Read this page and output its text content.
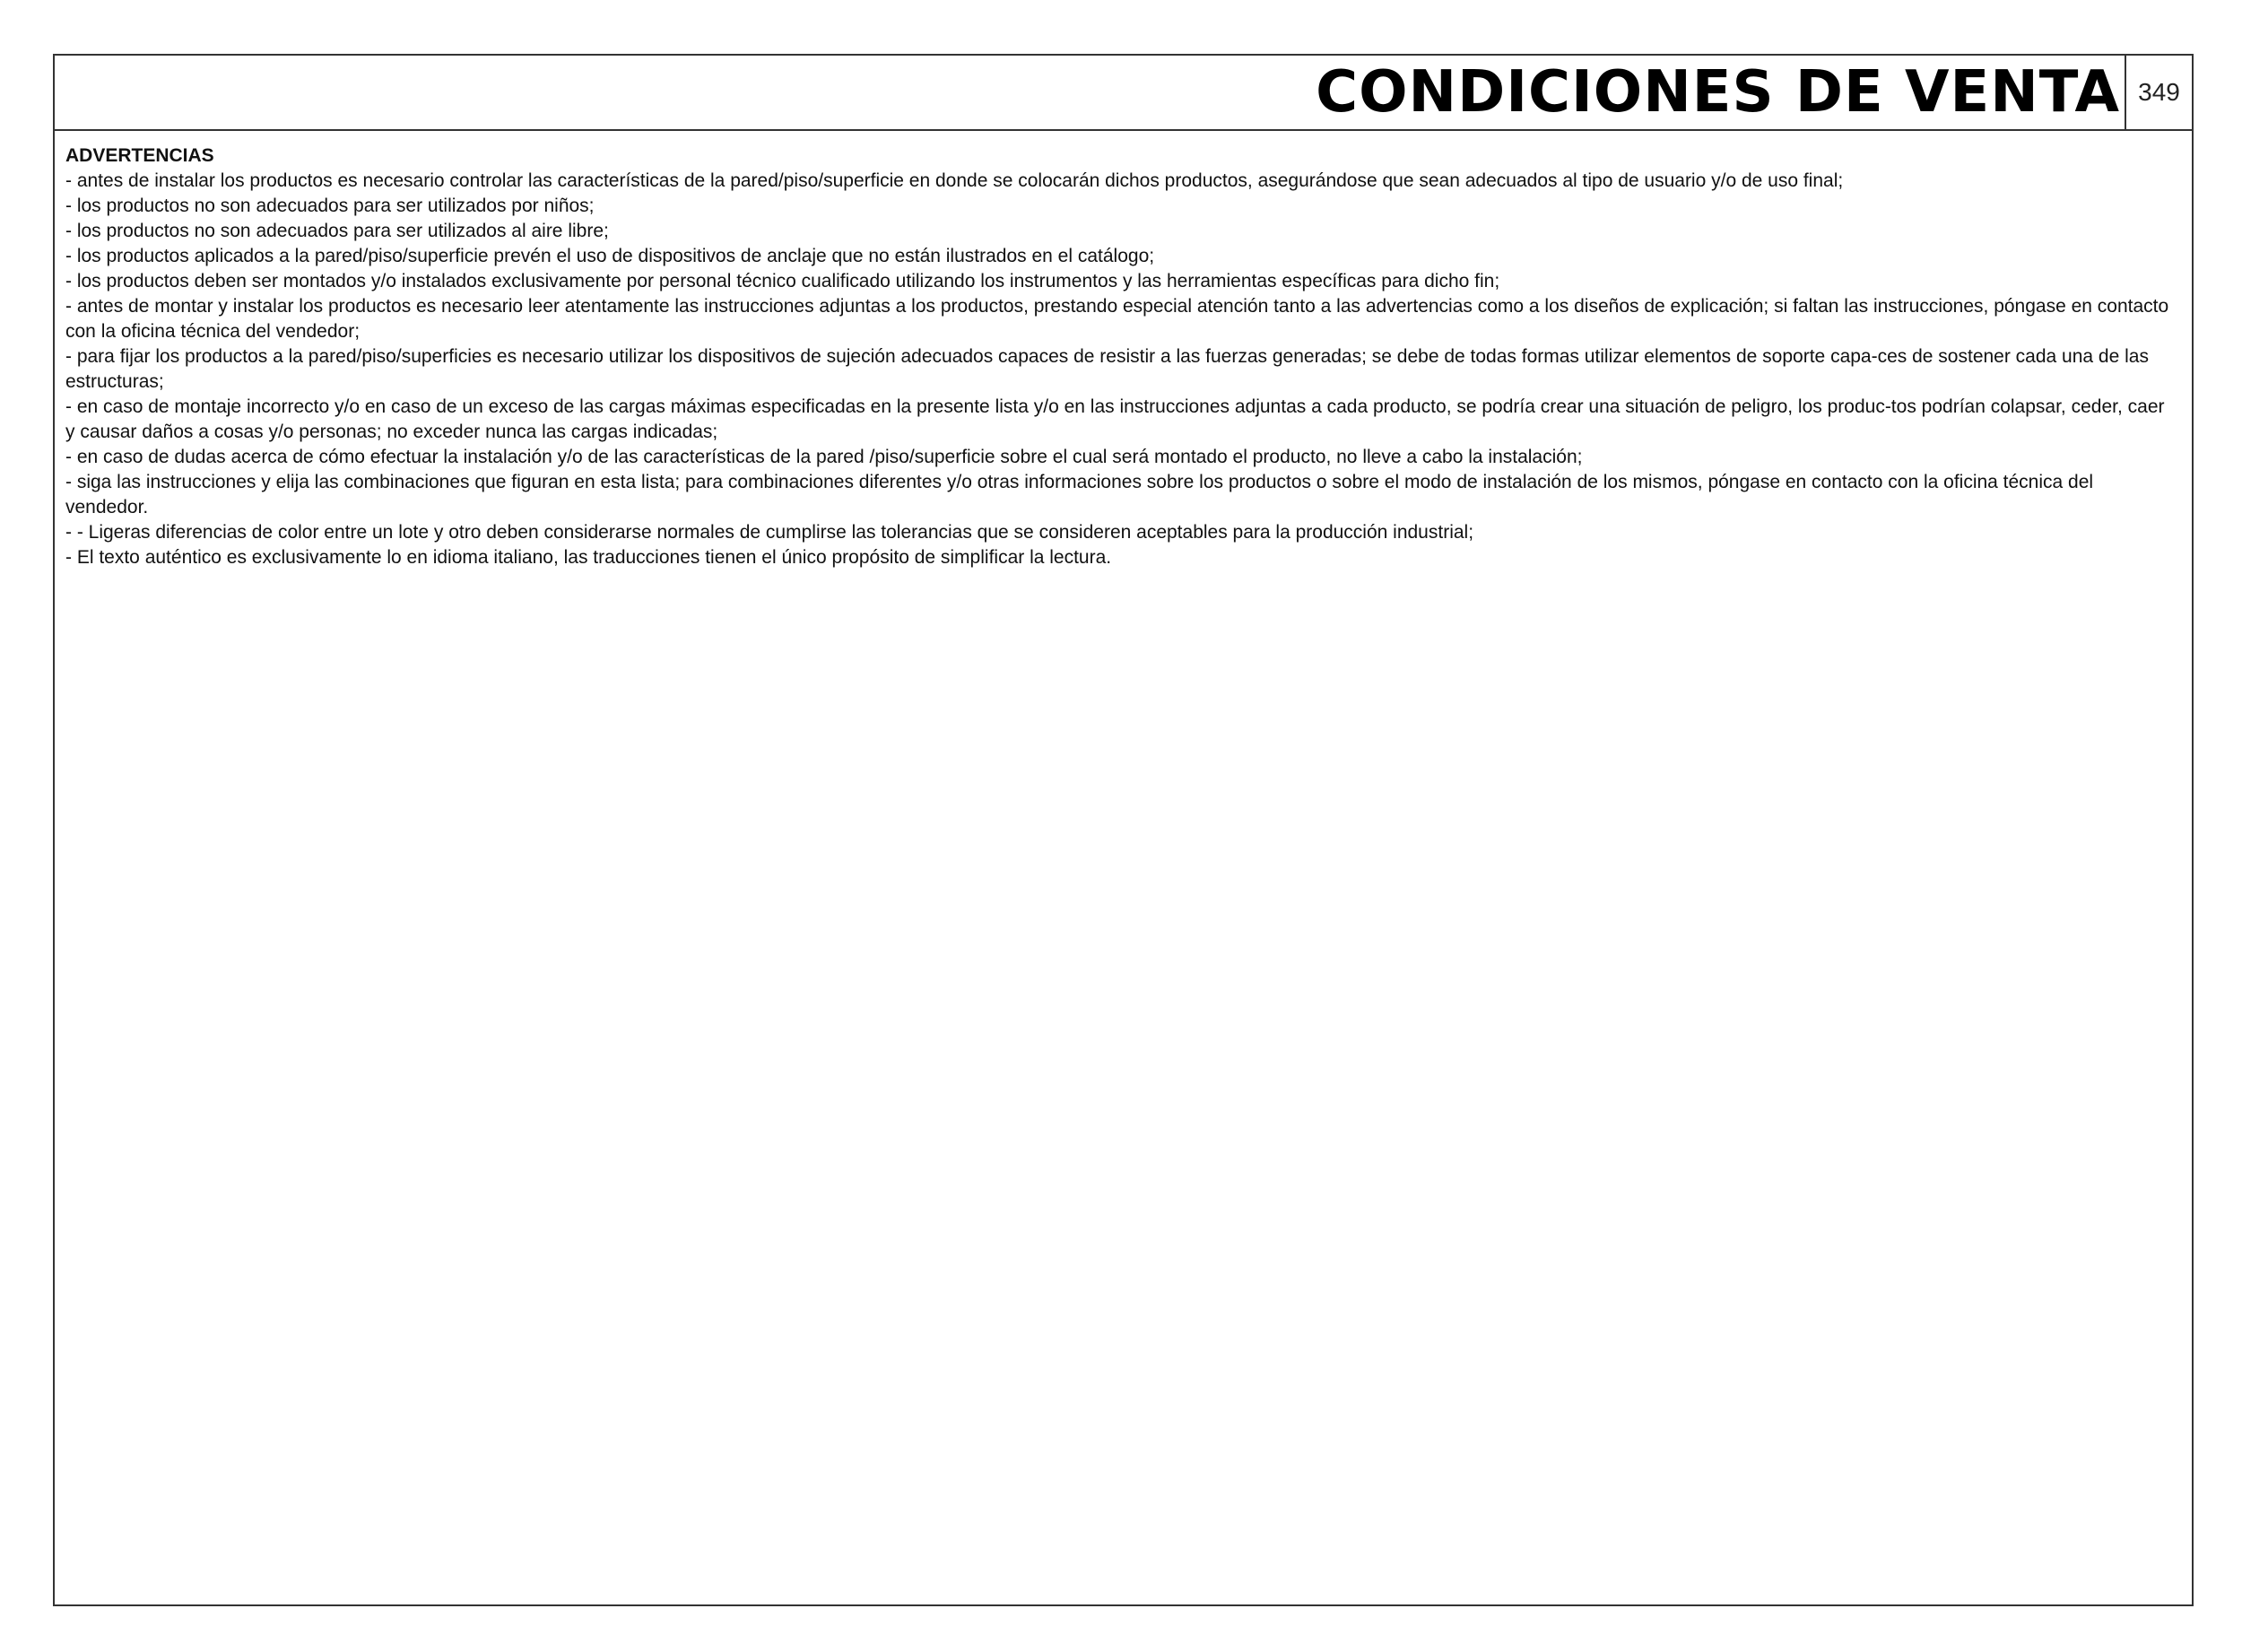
CONDICIONES DE VENTA 349
ADVERTENCIAS
- antes de instalar los productos es necesario controlar las características de la pared/piso/superficie en donde se colocarán dichos productos, asegurándose que sean adecuados al tipo de usuario y/o de uso final;
- los productos no son adecuados para ser utilizados por niños;
- los productos no son adecuados para ser utilizados al aire libre;
- los productos aplicados a la pared/piso/superficie prevén el uso de dispositivos de anclaje que no están ilustrados en el catálogo;
- los productos deben ser montados y/o instalados exclusivamente por personal técnico cualificado utilizando los instrumentos y las herramientas específicas para dicho fin;
- antes de montar y instalar los productos es necesario leer atentamente las instrucciones adjuntas a los productos, prestando especial atención tanto a las advertencias como a los diseños de explicación; si faltan las instrucciones, póngase en contacto con la oficina técnica del vendedor;
- para fijar los productos a la pared/piso/superficies es necesario utilizar los dispositivos de sujeción adecuados capaces de resistir a las fuerzas generadas; se debe de todas formas utilizar elementos de soporte capa-ces de sostener cada una de las estructuras;
- en caso de montaje incorrecto y/o en caso de un exceso de las cargas máximas especificadas en la presente lista y/o en las instrucciones adjuntas a cada producto, se podría crear una situación de peligro, los produc-tos podrían colapsar, ceder, caer y causar daños a cosas y/o personas; no exceder nunca las cargas indicadas;
- en caso de dudas acerca de cómo efectuar la instalación y/o de las características de la pared /piso/superficie sobre el cual será montado el producto, no lleve a cabo la instalación;
- siga las instrucciones y elija las combinaciones que figuran en esta lista; para combinaciones diferentes y/o otras informaciones sobre los productos o sobre el modo de instalación de los mismos, póngase en contacto con la oficina técnica del vendedor.
- - Ligeras diferencias de color entre un lote y otro deben considerarse normales de cumplirse las tolerancias que se consideren aceptables para la producción industrial;
- El texto auténtico es exclusivamente lo en idioma italiano, las traducciones tienen el único propósito de simplificar la lectura.
